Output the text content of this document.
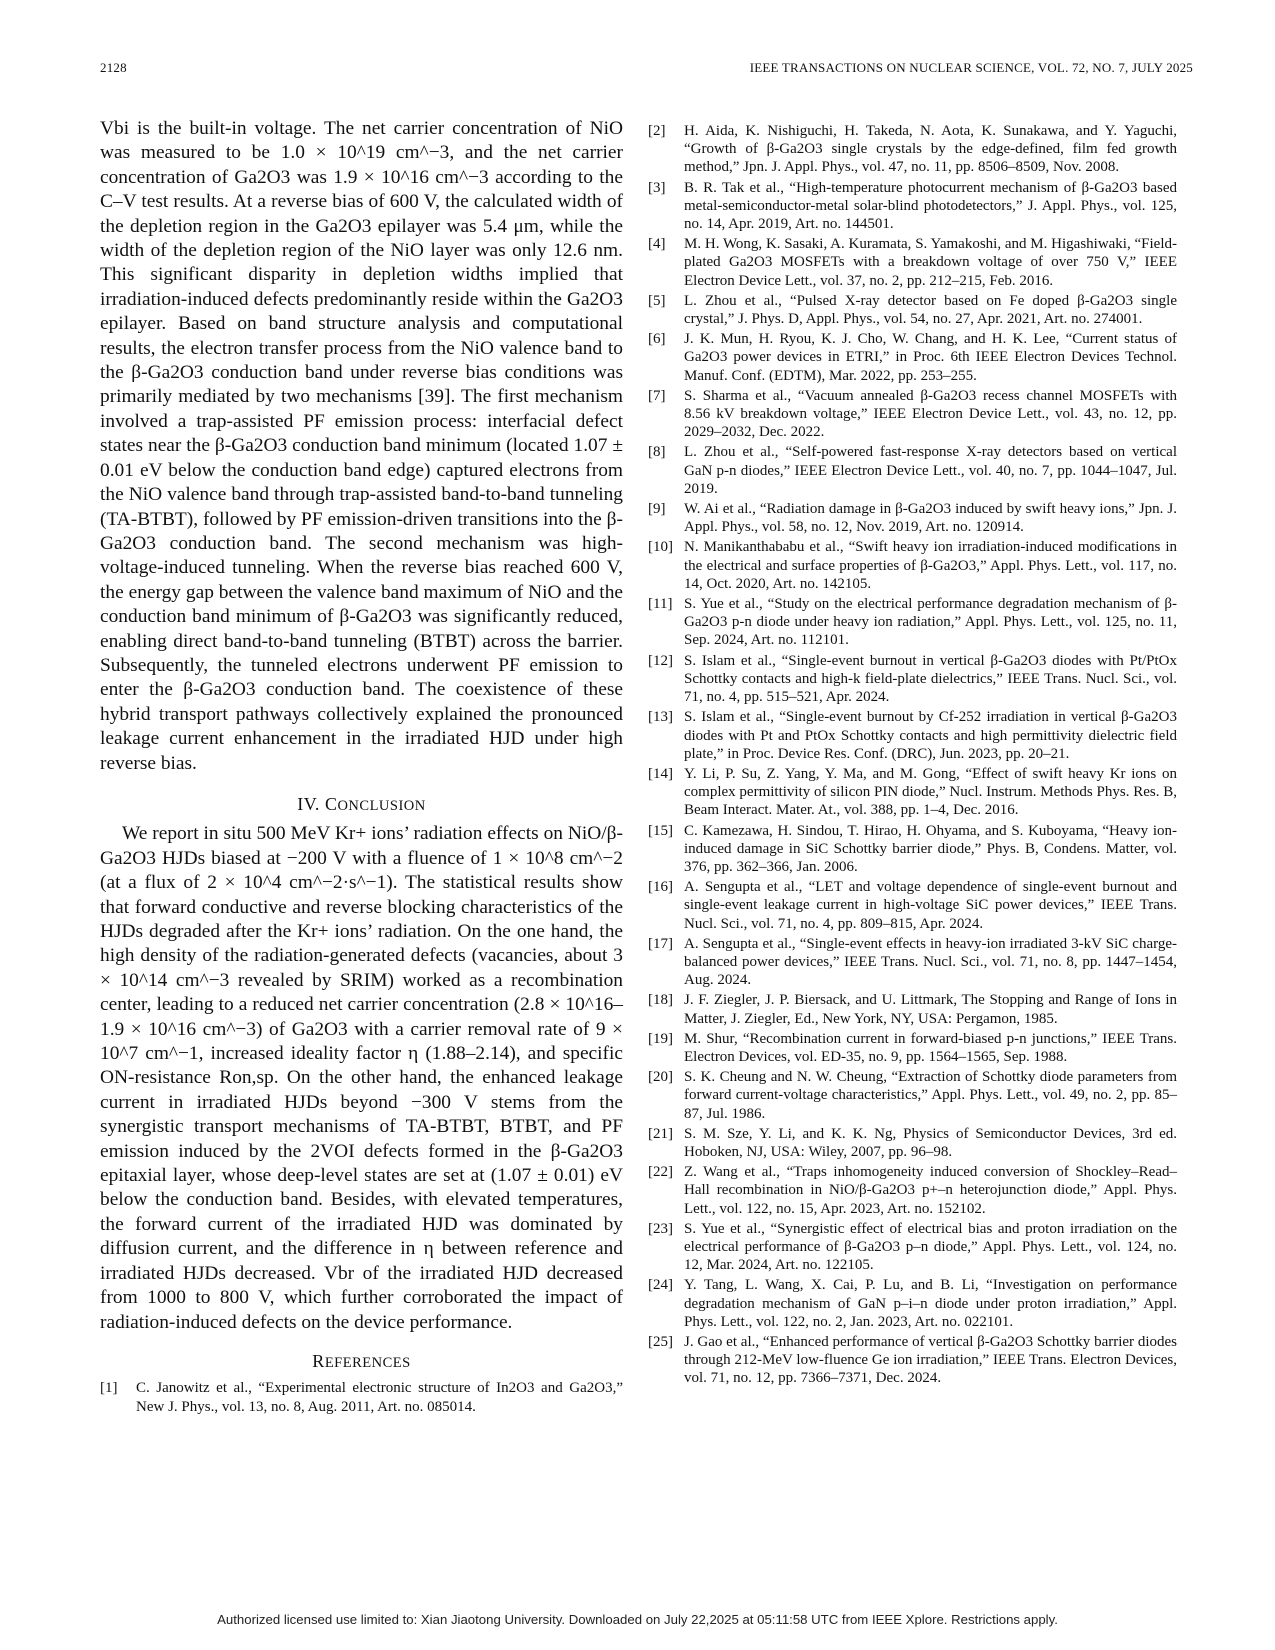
2128	IEEE TRANSACTIONS ON NUCLEAR SCIENCE, VOL. 72, NO. 7, JULY 2025

Vbi is the built-in voltage. The net carrier concentration of NiO was measured to be 1.0 × 10^19 cm^−3, and the net carrier concentration of Ga2O3 was 1.9 × 10^16 cm^−3 according to the C–V test results. At a reverse bias of 600 V, the calculated width of the depletion region in the Ga2O3 epilayer was 5.4 μm, while the width of the depletion region of the NiO layer was only 12.6 nm. This significant disparity in depletion widths implied that irradiation-induced defects predominantly reside within the Ga2O3 epilayer. Based on band structure analysis and computational results, the electron transfer process from the NiO valence band to the β-Ga2O3 conduction band under reverse bias conditions was primarily mediated by two mechanisms [39]. The first mechanism involved a trap-assisted PF emission process: interfacial defect states near the β-Ga2O3 conduction band minimum (located 1.07 ± 0.01 eV below the conduction band edge) captured electrons from the NiO valence band through trap-assisted band-to-band tunneling (TA-BTBT), followed by PF emission-driven transitions into the β-Ga2O3 conduction band. The second mechanism was high-voltage-induced tunneling. When the reverse bias reached 600 V, the energy gap between the valence band maximum of NiO and the conduction band minimum of β-Ga2O3 was significantly reduced, enabling direct band-to-band tunneling (BTBT) across the barrier. Subsequently, the tunneled electrons underwent PF emission to enter the β-Ga2O3 conduction band. The coexistence of these hybrid transport pathways collectively explained the pronounced leakage current enhancement in the irradiated HJD under high reverse bias.

IV. CONCLUSION

We report in situ 500 MeV Kr+ ions’ radiation effects on NiO/β-Ga2O3 HJDs biased at −200 V with a fluence of 1 × 10^8 cm^−2 (at a flux of 2 × 10^4 cm^−2·s^−1). The statistical results show that forward conductive and reverse blocking characteristics of the HJDs degraded after the Kr+ ions’ radiation. On the one hand, the high density of the radiation-generated defects (vacancies, about 3 × 10^14 cm^−3 revealed by SRIM) worked as a recombination center, leading to a reduced net carrier concentration (2.8 × 10^16–1.9 × 10^16 cm^−3) of Ga2O3 with a carrier removal rate of 9 × 10^7 cm^−1, increased ideality factor η (1.88–2.14), and specific ON-resistance Ron,sp. On the other hand, the enhanced leakage current in irradiated HJDs beyond −300 V stems from the synergistic transport mechanisms of TA-BTBT, BTBT, and PF emission induced by the 2VOI defects formed in the β-Ga2O3 epitaxial layer, whose deep-level states are set at (1.07 ± 0.01) eV below the conduction band. Besides, with elevated temperatures, the forward current of the irradiated HJD was dominated by diffusion current, and the difference in η between reference and irradiated HJDs decreased. Vbr of the irradiated HJD decreased from 1000 to 800 V, which further corroborated the impact of radiation-induced defects on the device performance.

REFERENCES
[1] C. Janowitz et al., “Experimental electronic structure of In2O3 and Ga2O3,” New J. Phys., vol. 13, no. 8, Aug. 2011, Art. no. 085014.
[2]	H. Aida, K. Nishiguchi, H. Takeda, N. Aota, K. Sunakawa, and Y. Yaguchi, “Growth of β-Ga2O3 single crystals by the edge-defined, film fed growth method,” Jpn. J. Appl. Phys., vol. 47, no. 11, pp. 8506–8509, Nov. 2008.
[3]	B. R. Tak et al., “High-temperature photocurrent mechanism of β-Ga2O3 based metal-semiconductor-metal solar-blind photodetectors,” J. Appl. Phys., vol. 125, no. 14, Apr. 2019, Art. no. 144501.
[4]	M. H. Wong, K. Sasaki, A. Kuramata, S. Yamakoshi, and M. Higashiwaki, “Field-plated Ga2O3 MOSFETs with a breakdown voltage of over 750 V,” IEEE Electron Device Lett., vol. 37, no. 2, pp. 212–215, Feb. 2016.
[5]	L. Zhou et al., “Pulsed X-ray detector based on Fe doped β-Ga2O3 single crystal,” J. Phys. D, Appl. Phys., vol. 54, no. 27, Apr. 2021, Art. no. 274001.
[6]	J. K. Mun, H. Ryou, K. J. Cho, W. Chang, and H. K. Lee, “Current status of Ga2O3 power devices in ETRI,” in Proc. 6th IEEE Electron Devices Technol. Manuf. Conf. (EDTM), Mar. 2022, pp. 253–255.
[7]	S. Sharma et al., “Vacuum annealed β-Ga2O3 recess channel MOSFETs with 8.56 kV breakdown voltage,” IEEE Electron Device Lett., vol. 43, no. 12, pp. 2029–2032, Dec. 2022.
[8]	L. Zhou et al., “Self-powered fast-response X-ray detectors based on vertical GaN p-n diodes,” IEEE Electron Device Lett., vol. 40, no. 7, pp. 1044–1047, Jul. 2019.
[9]	W. Ai et al., “Radiation damage in β-Ga2O3 induced by swift heavy ions,” Jpn. J. Appl. Phys., vol. 58, no. 12, Nov. 2019, Art. no. 120914.
[10] N. Manikanthababu et al., “Swift heavy ion irradiation-induced modifications in the electrical and surface properties of β-Ga2O3,” Appl. Phys. Lett., vol. 117, no. 14, Oct. 2020, Art. no. 142105.
[11] S. Yue et al., “Study on the electrical performance degradation mechanism of β-Ga2O3 p-n diode under heavy ion radiation,” Appl. Phys. Lett., vol. 125, no. 11, Sep. 2024, Art. no. 112101.
[12] S. Islam et al., “Single-event burnout in vertical β-Ga2O3 diodes with Pt/PtOx Schottky contacts and high-k field-plate dielectrics,” IEEE Trans. Nucl. Sci., vol. 71, no. 4, pp. 515–521, Apr. 2024.
[13] S. Islam et al., “Single-event burnout by Cf-252 irradiation in vertical β-Ga2O3 diodes with Pt and PtOx Schottky contacts and high permittivity dielectric field plate,” in Proc. Device Res. Conf. (DRC), Jun. 2023, pp. 20–21.
[14] Y. Li, P. Su, Z. Yang, Y. Ma, and M. Gong, “Effect of swift heavy Kr ions on complex permittivity of silicon PIN diode,” Nucl. Instrum. Methods Phys. Res. B, Beam Interact. Mater. At., vol. 388, pp. 1–4, Dec. 2016.
[15] C. Kamezawa, H. Sindou, T. Hirao, H. Ohyama, and S. Kuboyama, “Heavy ion-induced damage in SiC Schottky barrier diode,” Phys. B, Condens. Matter, vol. 376, pp. 362–366, Jan. 2006.
[16] A. Sengupta et al., “LET and voltage dependence of single-event burnout and single-event leakage current in high-voltage SiC power devices,” IEEE Trans. Nucl. Sci., vol. 71, no. 4, pp. 809–815, Apr. 2024.
[17] A. Sengupta et al., “Single-event effects in heavy-ion irradiated 3-kV SiC charge-balanced power devices,” IEEE Trans. Nucl. Sci., vol. 71, no. 8, pp. 1447–1454, Aug. 2024.
[18] J. F. Ziegler, J. P. Biersack, and U. Littmark, The Stopping and Range of Ions in Matter, J. Ziegler, Ed., New York, NY, USA: Pergamon, 1985.
[19] M. Shur, “Recombination current in forward-biased p-n junctions,” IEEE Trans. Electron Devices, vol. ED-35, no. 9, pp. 1564–1565, Sep. 1988.
[20] S. K. Cheung and N. W. Cheung, “Extraction of Schottky diode parameters from forward current-voltage characteristics,” Appl. Phys. Lett., vol. 49, no. 2, pp. 85–87, Jul. 1986.
[21] S. M. Sze, Y. Li, and K. K. Ng, Physics of Semiconductor Devices, 3rd ed. Hoboken, NJ, USA: Wiley, 2007, pp. 96–98.
[22] Z. Wang et al., “Traps inhomogeneity induced conversion of Shockley–Read–Hall recombination in NiO/β-Ga2O3 p+–n heterojunction diode,” Appl. Phys. Lett., vol. 122, no. 15, Apr. 2023, Art. no. 152102.
[23] S. Yue et al., “Synergistic effect of electrical bias and proton irradiation on the electrical performance of β-Ga2O3 p–n diode,” Appl. Phys. Lett., vol. 124, no. 12, Mar. 2024, Art. no. 122105.
[24] Y. Tang, L. Wang, X. Cai, P. Lu, and B. Li, “Investigation on performance degradation mechanism of GaN p–i–n diode under proton irradiation,” Appl. Phys. Lett., vol. 122, no. 2, Jan. 2023, Art. no. 022101.
[25] J. Gao et al., “Enhanced performance of vertical β-Ga2O3 Schottky barrier diodes through 212-MeV low-fluence Ge ion irradiation,” IEEE Trans. Electron Devices, vol. 71, no. 12, pp. 7366–7371, Dec. 2024.
Authorized licensed use limited to: Xian Jiaotong University. Downloaded on July 22,2025 at 05:11:58 UTC from IEEE Xplore. Restrictions apply.
